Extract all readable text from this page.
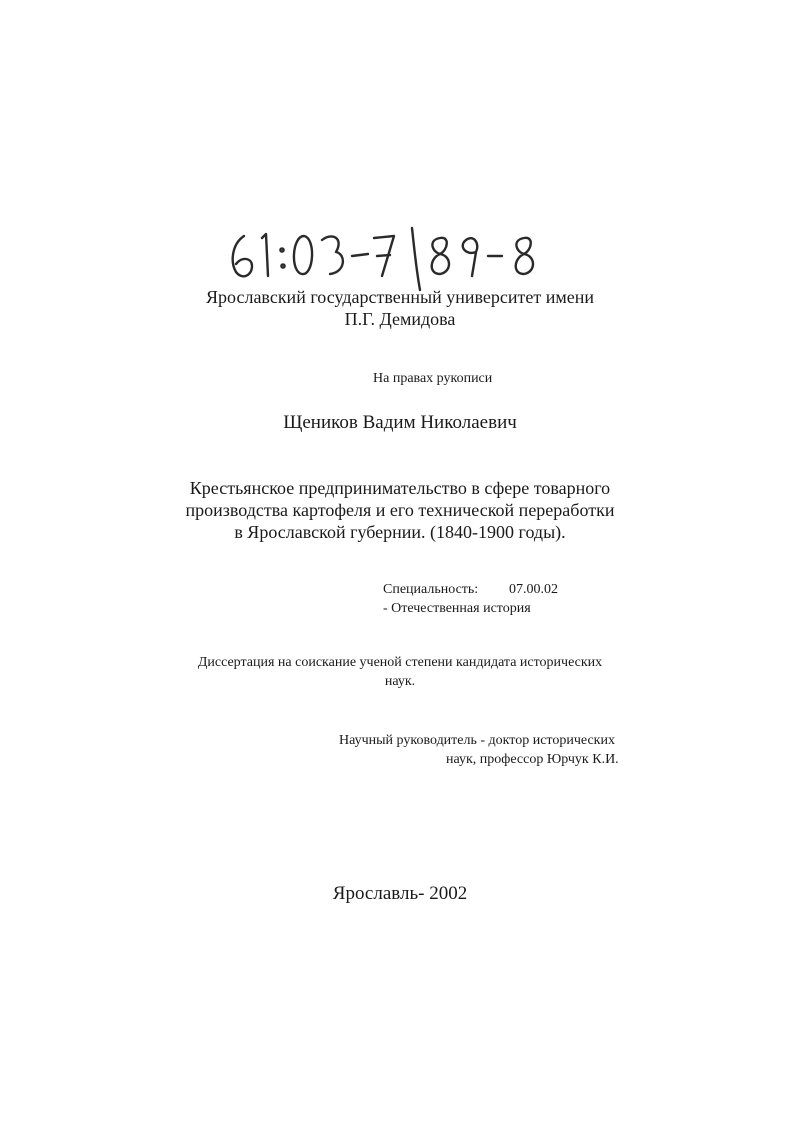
Ярославский государственный университет имени
П.Г. Демидова
На правах рукописи
Щеников Вадим Николаевич
Крестьянское предпринимательство в сфере товарного
производства картофеля и его технической переработки
в Ярославской губернии. (1840-1900 годы).
Специальность: 07.00.02
- Отечественная история
Диссертация на соискание ученой степени кандидата исторических
наук.
Научный руководитель - доктор исторических
наук, профессор Юрчук К.И.
Ярославль- 2002
